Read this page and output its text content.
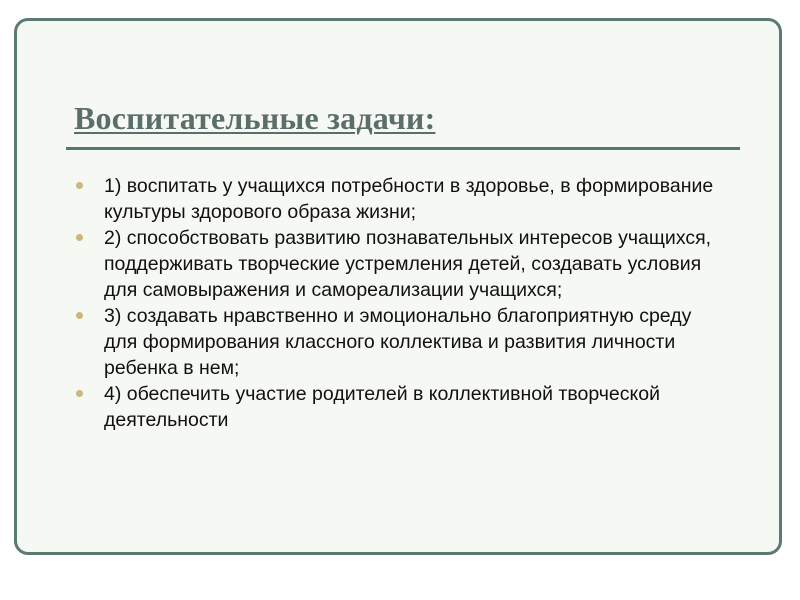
Воспитательные задачи:
1) воспитать у учащихся потребности в здоровье, в формирование культуры здорового образа жизни;
2) способствовать развитию познавательных интересов учащихся, поддерживать творческие устремления детей, создавать условия для самовыражения и самореализации учащихся;
3) создавать нравственно и эмоционально благоприятную среду для формирования классного коллектива и развития личности ребенка в нем;
4) обеспечить участие родителей в коллективной творческой деятельности
